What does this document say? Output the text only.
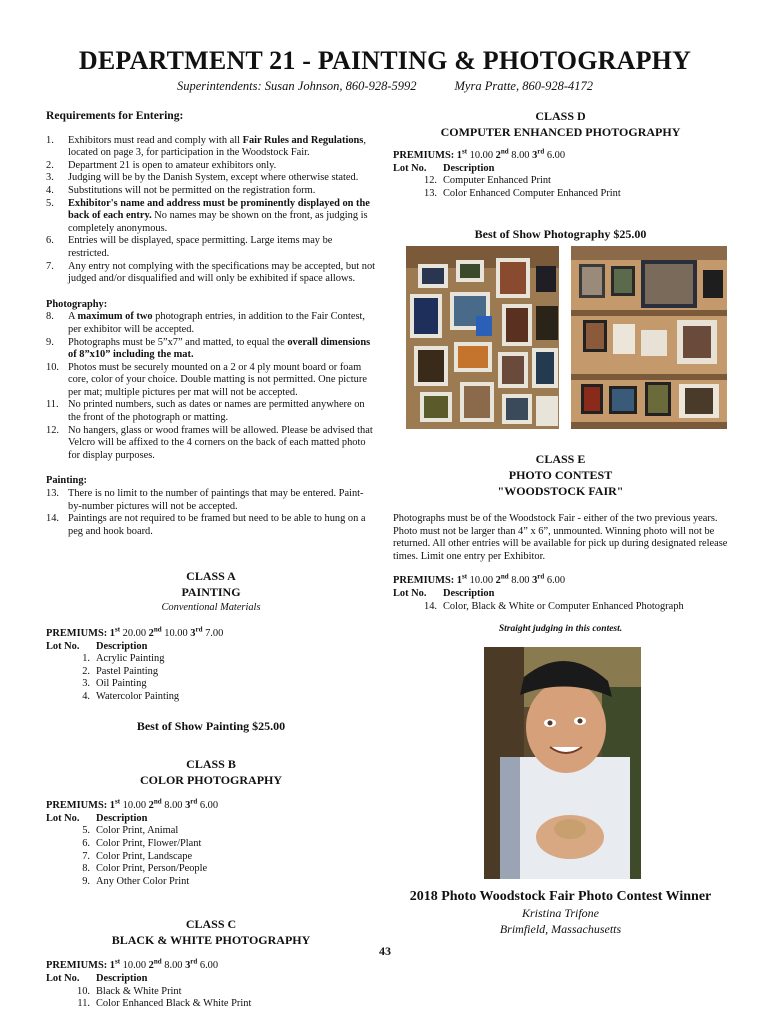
DEPARTMENT 21 - PAINTING & PHOTOGRAPHY
Superintendents: Susan Johnson, 860-928-5992	Myra Pratte, 860-928-4172
Requirements for Entering:
1. Exhibitors must read and comply with all Fair Rules and Regulations, located on page 3, for participation in the Woodstock Fair.
2. Department 21 is open to amateur exhibitors only.
3. Judging will be by the Danish System, except where otherwise stated.
4. Substitutions will not be permitted on the registration form.
5. Exhibitor's name and address must be prominently displayed on the back of each entry. No names may be shown on the front, as judging is completely anonymous.
6. Entries will be displayed, space permitting. Large items may be restricted.
7. Any entry not complying with the specifications may be accepted, but not judged and/or disqualified and will only be exhibited if space allows.
Photography:
8. A maximum of two photograph entries, in addition to the Fair Contest, per exhibitor will be accepted.
9. Photographs must be 5”x7” and matted, to equal the overall dimensions of 8”x10” including the mat.
10. Photos must be securely mounted on a 2 or 4 ply mount board or foam core, color of your choice. Double matting is not permitted. One picture per mat; multiple pictures per mat will not be accepted.
11. No printed numbers, such as dates or names are permitted anywhere on the front of the photograph or matting.
12. No hangers, glass or wood frames will be allowed. Please be advised that Velcro will be affixed to the 4 corners on the back of each matted photo for display purposes.
Painting:
13. There is no limit to the number of paintings that may be entered. Paint-by-number pictures will not be accepted.
14. Paintings are not required to be framed but need to be able to hung on a peg and hook board.
CLASS A
PAINTING
Conventional Materials
PREMIUMS: 1st 20.00 2nd 10.00 3rd 7.00
Lot No.	Description
1.	Acrylic Painting
2.	Pastel Painting
3.	Oil Painting
4.	Watercolor Painting
Best of Show Painting $25.00
CLASS B
COLOR PHOTOGRAPHY
PREMIUMS: 1st 10.00 2nd 8.00 3rd 6.00
Lot No.	Description
5.	Color Print, Animal
6.	Color Print, Flower/Plant
7.	Color Print, Landscape
8.	Color Print, Person/People
9.	Any Other Color Print
CLASS C
BLACK & WHITE PHOTOGRAPHY
PREMIUMS: 1st 10.00 2nd 8.00 3rd 6.00
Lot No.	Description
10.	Black & White Print
11.	Color Enhanced Black & White Print
CLASS D
COMPUTER ENHANCED PHOTOGRAPHY
PREMIUMS: 1st 10.00 2nd 8.00 3rd 6.00
Lot No.	Description
12.	Computer Enhanced Print
13.	Color Enhanced Computer Enhanced Print
Best of Show Photography $25.00
CLASS E
PHOTO CONTEST
"WOODSTOCK FAIR"
Photographs must be of the Woodstock Fair - either of the two previous years. Photo must not be larger than 4” x 6”, unmounted. Winning photo will not be returned. All other entries will be available for pick up during designated release times. Limit one entry per Exhibitor.
PREMIUMS: 1st 10.00 2nd 8.00 3rd 6.00
Lot No.	Description
14.	Color, Black & White or Computer Enhanced Photograph
Straight judging in this contest.
2018 Photo Woodstock Fair Photo Contest Winner
Kristina Trifone
Brimfield, Massachusetts
43
